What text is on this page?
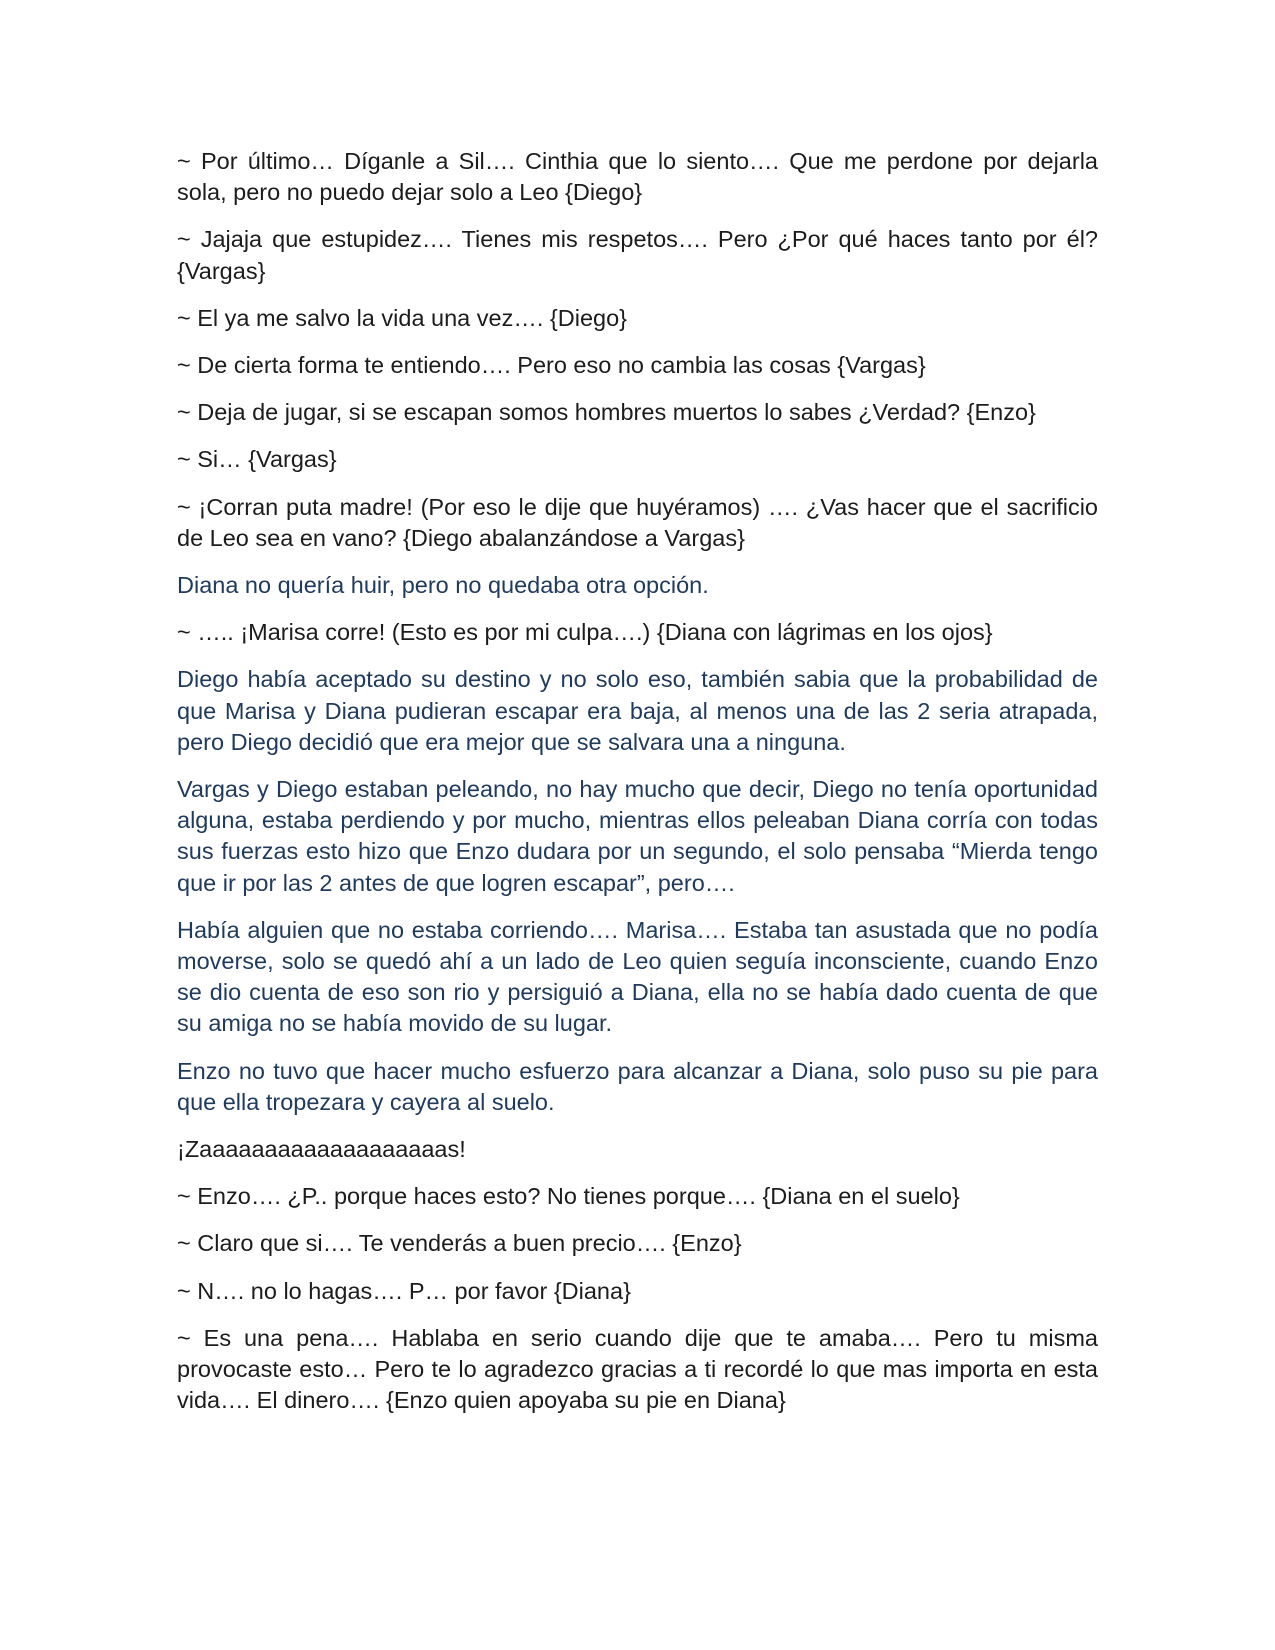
~ Por último… Díganle a Sil…. Cinthia que lo siento…. Que me perdone por dejarla sola, pero no puedo dejar solo a Leo {Diego}

~ Jajaja que estupidez…. Tienes mis respetos…. Pero ¿Por qué haces tanto por él? {Vargas}

~ El ya me salvo la vida una vez…. {Diego}

~ De cierta forma te entiendo…. Pero eso no cambia las cosas {Vargas}

~ Deja de jugar, si se escapan somos hombres muertos lo sabes ¿Verdad? {Enzo}

~ Si… {Vargas}

~ ¡Corran puta madre! (Por eso le dije que huyéramos) …. ¿Vas hacer que el sacrificio de Leo sea en vano? {Diego abalanzándose a Vargas}

Diana no quería huir, pero no quedaba otra opción.

~ ….. ¡Marisa corre! (Esto es por mi culpa….) {Diana con lágrimas en los ojos}

Diego había aceptado su destino y no solo eso, también sabia que la probabilidad de que Marisa y Diana pudieran escapar era baja, al menos una de las 2 seria atrapada, pero Diego decidió que era mejor que se salvara una a ninguna.

Vargas y Diego estaban peleando, no hay mucho que decir, Diego no tenía oportunidad alguna, estaba perdiendo y por mucho, mientras ellos peleaban Diana corría con todas sus fuerzas esto hizo que Enzo dudara por un segundo, el solo pensaba “Mierda tengo que ir por las 2 antes de que logren escapar”, pero….

Había alguien que no estaba corriendo…. Marisa…. Estaba tan asustada que no podía moverse, solo se quedó ahí a un lado de Leo quien seguía inconsciente, cuando Enzo se dio cuenta de eso son rio y persiguió a Diana, ella no se había dado cuenta de que su amiga no se había movido de su lugar.

Enzo no tuvo que hacer mucho esfuerzo para alcanzar a Diana, solo puso su pie para que ella tropezara y cayera al suelo.

¡Zaaaaaaaaaaaaaaaaaaas!

~ Enzo…. ¿P.. porque haces esto? No tienes porque…. {Diana en el suelo}

~ Claro que si…. Te venderás a buen precio…. {Enzo}

~ N…. no lo hagas…. P… por favor {Diana}

~ Es una pena…. Hablaba en serio cuando dije que te amaba…. Pero tu misma provocaste esto… Pero te lo agradezco gracias a ti recordé lo que mas importa en esta vida…. El dinero…. {Enzo quien apoyaba su pie en Diana}
